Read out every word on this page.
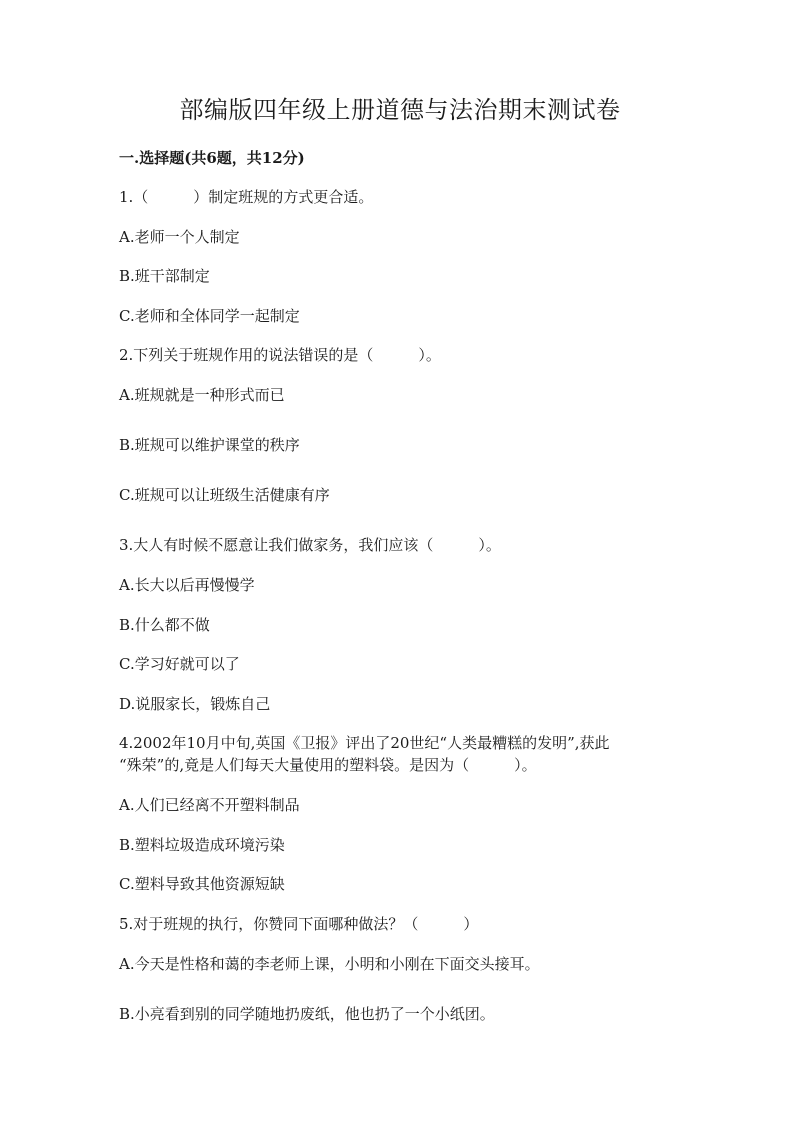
部编版四年级上册道德与法治期末测试卷
一.选择题(共6题，共12分)
1.（　　　）制定班规的方式更合适。
A.老师一个人制定
B.班干部制定
C.老师和全体同学一起制定
2.下列关于班规作用的说法错误的是（　　　）。
A.班规就是一种形式而已
B.班规可以维护课堂的秩序
C.班规可以让班级生活健康有序
3.大人有时候不愿意让我们做家务，我们应该（　　　）。
A.长大以后再慢慢学
B.什么都不做
C.学习好就可以了
D.说服家长，锻炼自己
4.2002年10月中旬,英国《卫报》评出了20世纪“人类最糟糕的发明”,获此
“殊荣”的,竟是人们每天大量使用的塑料袋。是因为（　　　）。
A.人们已经离不开塑料制品
B.塑料垃圾造成环境污染
C.塑料导致其他资源短缺
5.对于班规的执行，你赞同下面哪种做法？（　　　）
A.今天是性格和蔼的李老师上课，小明和小刚在下面交头接耳。
B.小亮看到别的同学随地扔废纸，他也扔了一个小纸团。
